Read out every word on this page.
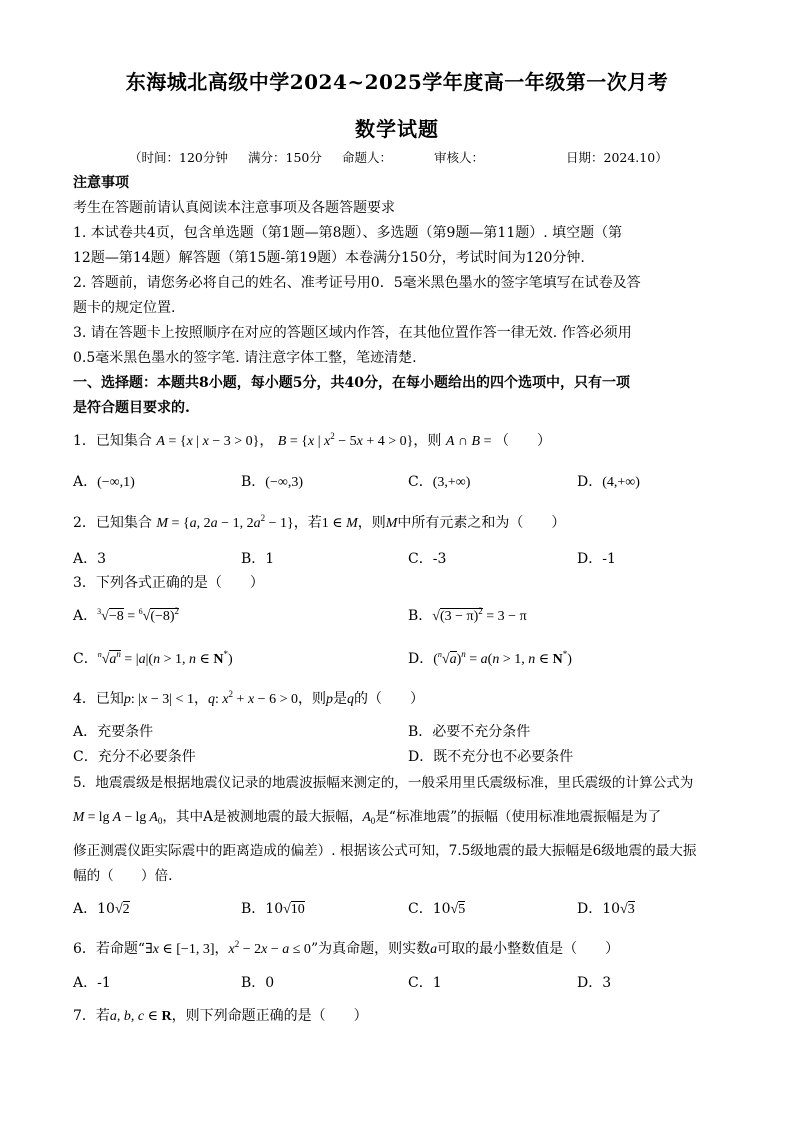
东海城北高级中学2024~2025学年度高一年级第一次月考
数学试题
（时间：120分钟 满分：150分 命题人：	审核人：	日期：2024.10）
注意事项
考生在答题前请认真阅读本注意事项及各题答题要求
1. 本试卷共4页，包含单选题（第1题—第8题）、多选题（第9题—第11题）. 填空题（第
12题—第14题）解答题（第15题-第19题）本卷满分150分，考试时间为120分钟.
2. 答题前，请您务必将自己的姓名、准考证号用0．5毫米黑色墨水的签字笔填写在试卷及答
题卡的规定位置.
3. 请在答题卡上按照顺序在对应的答题区域内作答，在其他位置作答一律无效. 作答必须用
0.5毫米黑色墨水的签字笔. 请注意字体工整，笔迹清楚.
一、选择题：本题共8小题，每小题5分，共40分，在每小题给出的四个选项中，只有一项
是符合题目要求的.
1．已知集合 A = {x | x − 3 > 0}， B = {x | $x^2 - 5x + 4 > 0$}，则 A ∩ B = （　　）
A．(−∞,1)	B．(−∞,3)	C．(3,+∞)	D．(4,+∞)
2．已知集合 M = {a, 2a − 1, $2a^2 - 1$}，若1 ∈ M，则M中所有元素之和为（　　）
A．3	B．1	C．-3	D．-1
3．下列各式正确的是（　　）
A．$^3√-8 = ^6√(-8)^2$	B．$√(3 - \pi)^2 = 3 - \pi$
C．$^n√a^n = |a|(n > 1$, n ∈ N*)	D．$(^n√a)^n = a(n > 1$, n ∈ N*)
4．已知p: |x − 3| < 1，q: $x^2 + x - 6 > 0$，则p是q的（　　）
A．充要条件	B．必要不充分条件
C．充分不必要条件	D．既不充分也不必要条件
5．地震震级是根据地震仪记录的地震波振幅来测定的，一般采用里氏震级标准，里氏震级的计算公式为
$M = \lg A - \lg A_0$，其中A是被测地震的最大振幅，$A_0$是“标准地震”的振幅（使用标准地震振幅是为了
修正测震仪距实际震中的距离造成的偏差）. 根据该公式可知，7.5级地震的最大振幅是6级地震的最大振
幅的（　　）倍.
A．10√2	B．10√10	C．10√5	D．10√3
6．若命题“∃x ∈ [−1, 3]，$x^2 - 2x - a \le 0$”为真命题，则实数a可取的最小整数值是（　　）
A．-1	B．0	C．1	D．3
7．若a, b, c ∈ R，则下列命题正确的是（　　）
